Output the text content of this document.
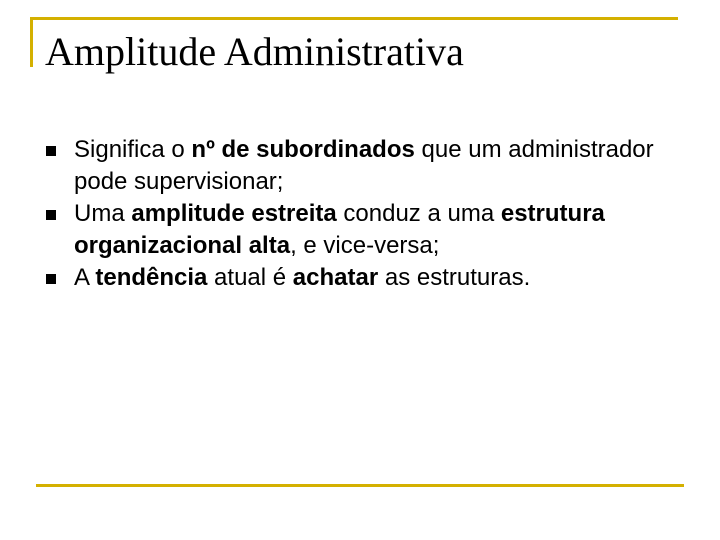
Amplitude Administrativa
Significa o nº de subordinados que um administrador pode supervisionar;
Uma amplitude estreita conduz a uma estrutura organizacional alta, e vice-versa;
A tendência atual é achatar as estruturas.
